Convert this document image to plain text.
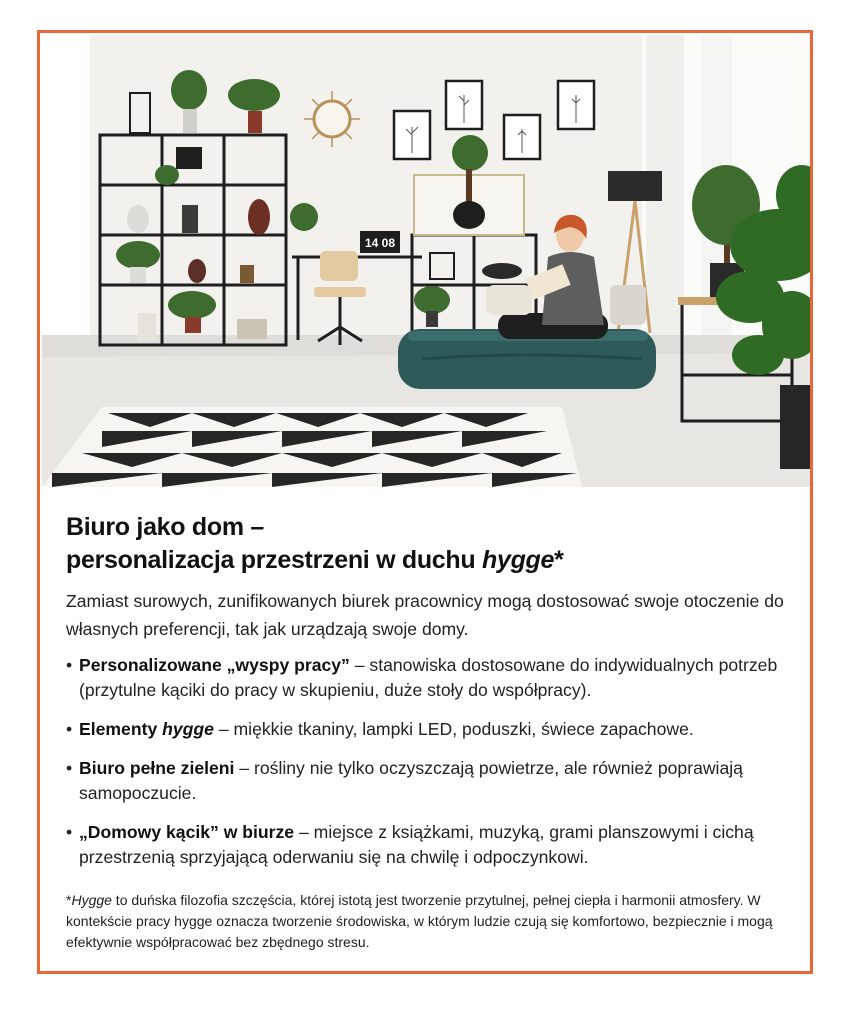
14 08
Biuro jako dom –
personalizacja przestrzeni w duchu hygge*

Zamiast surowych, zunifikowanych biurek pracownicy mogą dostosować swoje otoczenie do własnych preferencji, tak jak urządzają swoje domy.

• Personalizowane „wyspy pracy” – stanowiska dostosowane do indywidualnych potrzeb (przytulne kąciki do pracy w skupieniu, duże stoły do współpracy).
• Elementy hygge – miękkie tkaniny, lampki LED, poduszki, świece zapachowe.
• Biuro pełne zieleni – rośliny nie tylko oczyszczają powietrze, ale również poprawiają samopoczucie.
• „Domowy kącik” w biurze – miejsce z książkami, muzyką, grami planszowymi i cichą przestrzenią sprzyjającą oderwaniu się na chwilę i odpoczynkowi.

*Hygge to duńska filozofia szczęścia, której istotą jest tworzenie przytulnej, pełnej ciepła i harmonii atmosfery. W kontekście pracy hygge oznacza tworzenie środowiska, w którym ludzie czują się komfortowo, bezpiecznie i mogą efektywnie współpracować bez zbędnego stresu.
